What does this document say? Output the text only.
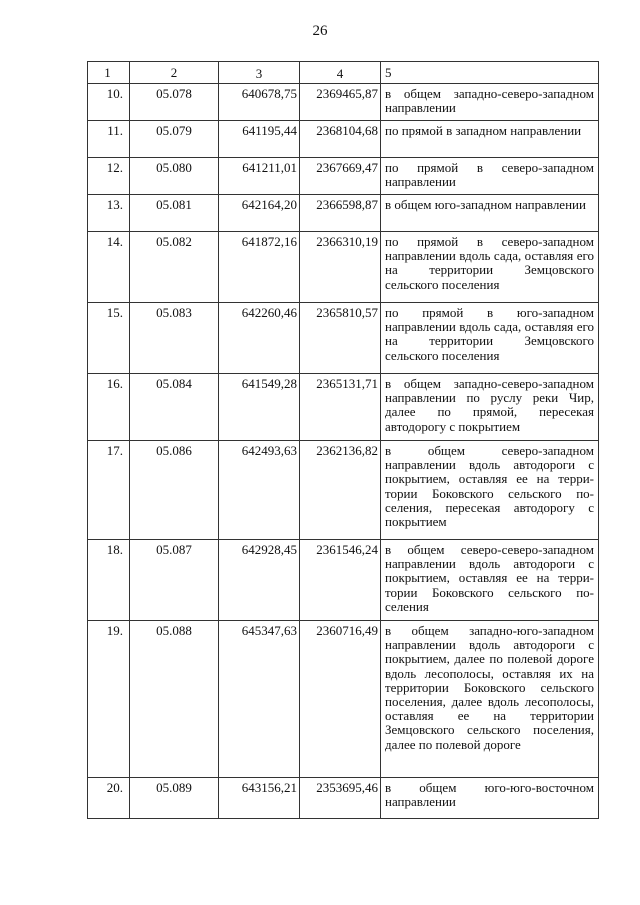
26
1	2	3	4	5
10.	05.078	640678,75	2369465,87	в общем западно-северо-западном направлении
11.	05.079	641195,44	2368104,68	по прямой в западном направлении
12.	05.080	641211,01	2367669,47	по прямой в северо-западном направлении
13.	05.081	642164,20	2366598,87	в общем юго-западном направлении
14.	05.082	641872,16	2366310,19	по прямой в северо-западном направлении вдоль сада, оставляя его на территории Земцовского сельского поселения
15.	05.083	642260,46	2365810,57	по прямой в юго-западном направлении вдоль сада, оставляя его на территории Земцовского сельского поселения
16.	05.084	641549,28	2365131,71	в общем западно-северо-западном направлении по руслу реки Чир, далее по прямой, пересекая автодорогу с покрытием
17.	05.086	642493,63	2362136,82	в общем северо-западном направлении вдоль автодороги с покрытием, оставляя ее на территории Боковского сельского поселения, пересекая автодорогу с покрытием
18.	05.087	642928,45	2361546,24	в общем северо-северо-западном направлении вдоль автодороги с покрытием, оставляя ее на территории Боковского сельского поселения
19.	05.088	645347,63	2360716,49	в общем западно-юго-западном направлении вдоль автодороги с покрытием, далее по полевой дороге вдоль лесополосы, оставляя их на территории Боковского сельского поселения, далее вдоль лесополосы, оставляя ее на территории Земцовского сельского поселения, далее по полевой дороге
20.	05.089	643156,21	2353695,46	в общем юго-юго-восточном направлении
